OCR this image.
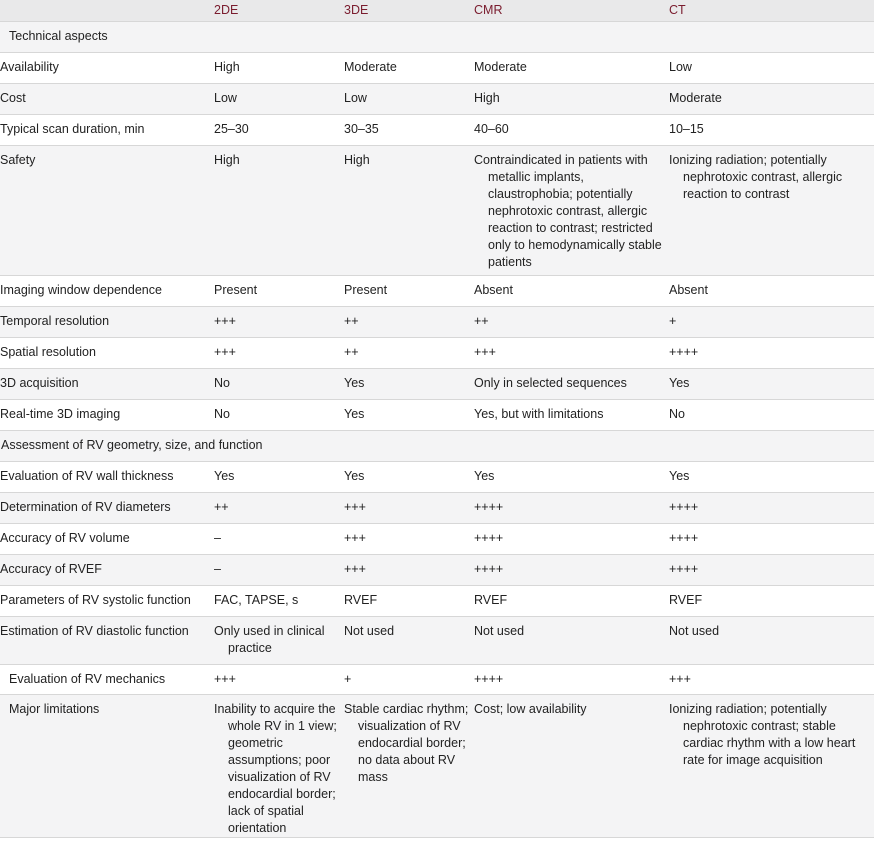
	2DE	3DE	CMR	CT
Technical aspects				
Availability	High	Moderate	Moderate	Low

Cost	Low	Low	High	Moderate

Typical scan duration, min	25–30	30–35	40–60	10–15

Safety	High	High	Contraindicated in patients with metallic implants, claustrophobia; potentially nephrotoxic contrast, allergic reaction to contrast; restricted only to hemodynamically stable patients	Ionizing radiation; potentially nephrotoxic contrast, allergic reaction to contrast

Imaging window dependence	Present	Present	Absent	Absent

Temporal resolution	+++	++	++	+

Spatial resolution	+++	++	+++	++++

3D acquisition	No	Yes	Only in selected sequences	Yes

Real-time 3D imaging	No	Yes	Yes, but with limitations	No

Assessment of RV geometry, size, and function				
Evaluation of RV wall thickness	Yes	Yes	Yes	Yes

Determination of RV diameters	++	+++	++++	++++

Accuracy of RV volume	–	+++	++++	++++

Accuracy of RVEF	–	+++	++++	++++

Parameters of RV systolic function	FAC, TAPSE, s	RVEF	RVEF	RVEF

Estimation of RV diastolic function	Only used in clinical practice	Not used	Not used	Not used

Evaluation of RV mechanics	+++	+	++++	+++

Major limitations	Inability to acquire the whole RV in 1 view; geometric assumptions; poor visualization of RV endocardial border; lack of spatial orientation	Stable cardiac rhythm; visualization of RV endocardial border; no data about RV mass	Cost; low availability	Ionizing radiation; potentially nephrotoxic contrast; stable cardiac rhythm with a low heart rate for image acquisition
